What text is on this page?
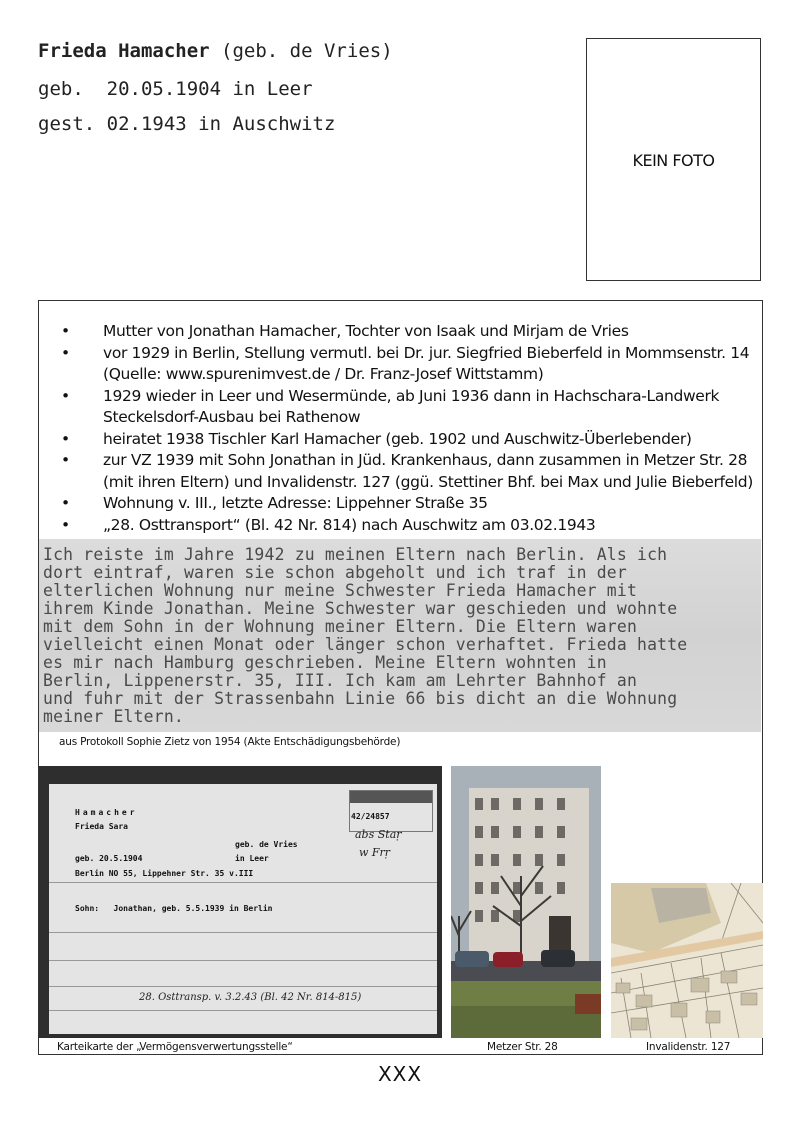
Frieda Hamacher (geb. de Vries)
geb.  20.05.1904 in Leer
gest. 02.1943 in Auschwitz
KEIN FOTO
• Mutter von Jonathan Hamacher, Tochter von Isaak und Mirjam de Vries
• vor 1929 in Berlin, Stellung vermutl. bei Dr. jur. Siegfried Bieberfeld in Mommsenstr. 14 (Quelle: www.spurenimvest.de / Dr. Franz-Josef Wittstamm)
• 1929 wieder in Leer und Wesermünde, ab Juni 1936 dann in Hachschara-Landwerk Steckelsdorf-Ausbau bei Rathenow
• heiratet 1938 Tischler Karl Hamacher (geb. 1902 und Auschwitz-Überlebender)
• zur VZ 1939 mit Sohn Jonathan in Jüd. Krankenhaus, dann zusammen in Metzer Str. 28 (mit ihren Eltern) und Invalidenstr. 127 (ggü. Stettiner Bhf. bei Max und Julie Bieberfeld)
• Wohnung v. III., letzte Adresse: Lippehner Straße 35
• „28. Osttransport“ (Bl. 42 Nr. 814) nach Auschwitz am 03.02.1943
Ich reiste im Jahre 1942 zu meinen Eltern nach Berlin. Als ich
dort eintraf, waren sie schon abgeholt und ich traf in der
elterlichen Wohnung nur meine Schwester Frieda Hamacher mit
ihrem Kinde Jonathan. Meine Schwester war geschieden und wohnte
mit dem Sohn in der Wohnung meiner Eltern. Die Eltern waren
vielleicht einen Monat oder länger schon verhaftet. Frieda hatte
es mir nach Hamburg geschrieben. Meine Eltern wohnten in
Berlin, Lippenerstr. 35, III. Ich kam am Lehrter Bahnhof an
und fuhr mit der Strassenbahn Linie 66 bis dicht an die Wohnung
meiner Eltern.
aus Protokoll Sophie Zietz von 1954 (Akte Entschädigungsbehörde)
42/24857
abs Staṛ
w Frṛ
Hamacher
Frieda Sara
geb. de Vries
geb. 20.5.1904	in Leer
Berlin NO 55, Lippehner Str. 35 v.III
Sohn:   Jonathan, geb. 5.5.1939 in Berlin
28. Osttransp. v. 3.2.43 (Bl. 42 Nr. 814-815)
Karteikarte der „Vermögensverwertungsstelle“	Metzer Str. 28	Invalidenstr. 127
XXX
